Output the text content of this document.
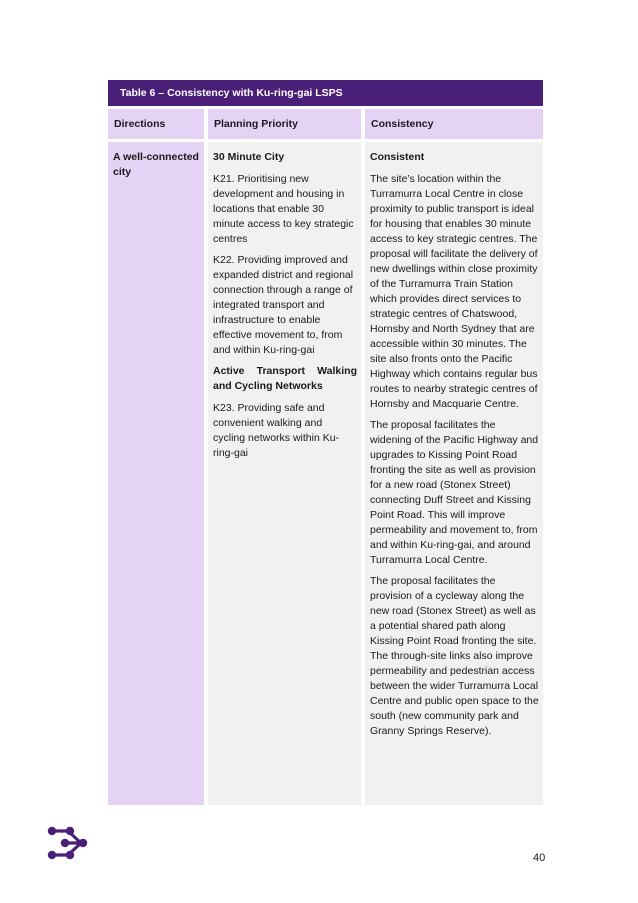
Table 6 – Consistency with Ku-ring-gai LSPS
Directions	Planning Priority	Consistency
A well-connected city

30 Minute City

K21. Prioritising new development and housing in locations that enable 30 minute access to key strategic centres

K22. Providing improved and expanded district and regional connection through a range of integrated transport and infrastructure to enable effective movement to, from and within Ku-ring-gai

Active Transport Walking and Cycling Networks

K23. Providing safe and convenient walking and cycling networks within Ku-ring-gai

Consistent

The site’s location within the Turramurra Local Centre in close proximity to public transport is ideal for housing that enables 30 minute access to key strategic centres. The proposal will facilitate the delivery of new dwellings within close proximity of the Turramurra Train Station which provides direct services to strategic centres of Chatswood, Hornsby and North Sydney that are accessible within 30 minutes. The site also fronts onto the Pacific Highway which contains regular bus routes to nearby strategic centres of Hornsby and Macquarie Centre.

The proposal facilitates the widening of the Pacific Highway and upgrades to Kissing Point Road fronting the site as well as provision for a new road (Stonex Street) connecting Duff Street and Kissing Point Road. This will improve permeability and movement to, from and within Ku-ring-gai, and around Turramurra Local Centre.

The proposal facilitates the provision of a cycleway along the new road (Stonex Street) as well as a potential shared path along Kissing Point Road fronting the site. The through-site links also improve permeability and pedestrian access between the wider Turramurra Local Centre and public open space to the south (new community park and Granny Springs Reserve).

40
